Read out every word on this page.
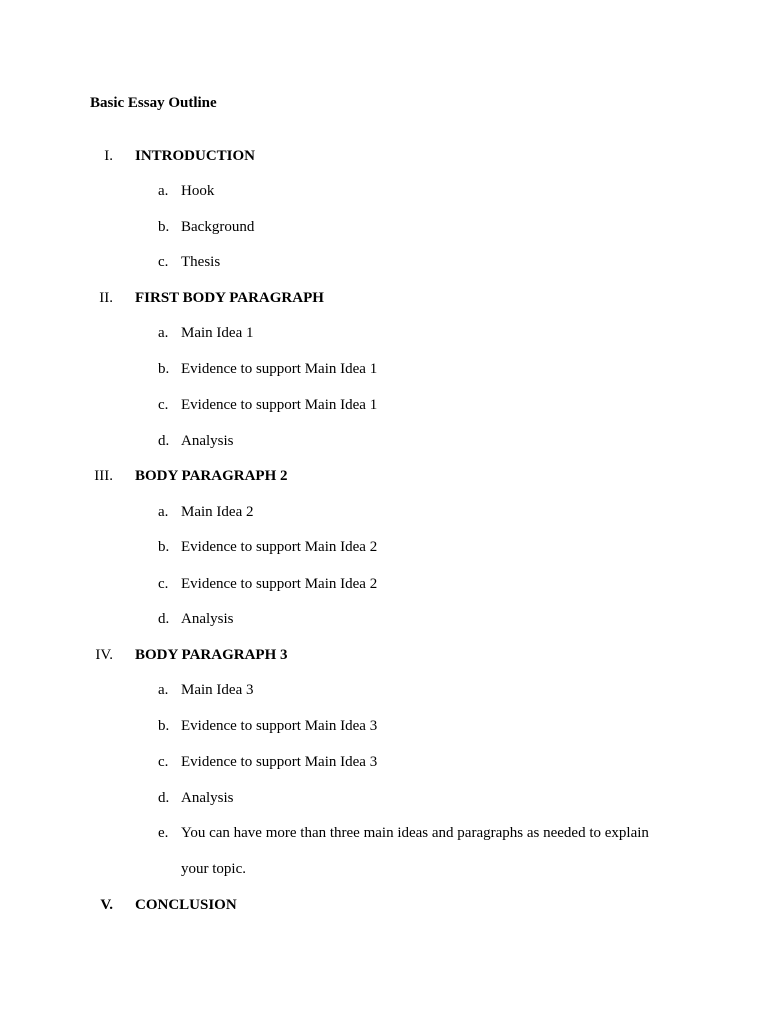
Basic Essay Outline
I. INTRODUCTION
a. Hook
b. Background
c. Thesis
II. FIRST BODY PARAGRAPH
a. Main Idea 1
b. Evidence to support Main Idea 1
c. Evidence to support Main Idea 1
d. Analysis
III. BODY PARAGRAPH 2
a. Main Idea 2
b. Evidence to support Main Idea 2
c. Evidence to support Main Idea 2
d. Analysis
IV. BODY PARAGRAPH 3
a. Main Idea 3
b. Evidence to support Main Idea 3
c. Evidence to support Main Idea 3
d. Analysis
e. You can have more than three main ideas and paragraphs as needed to explain
your topic.
V. CONCLUSION
